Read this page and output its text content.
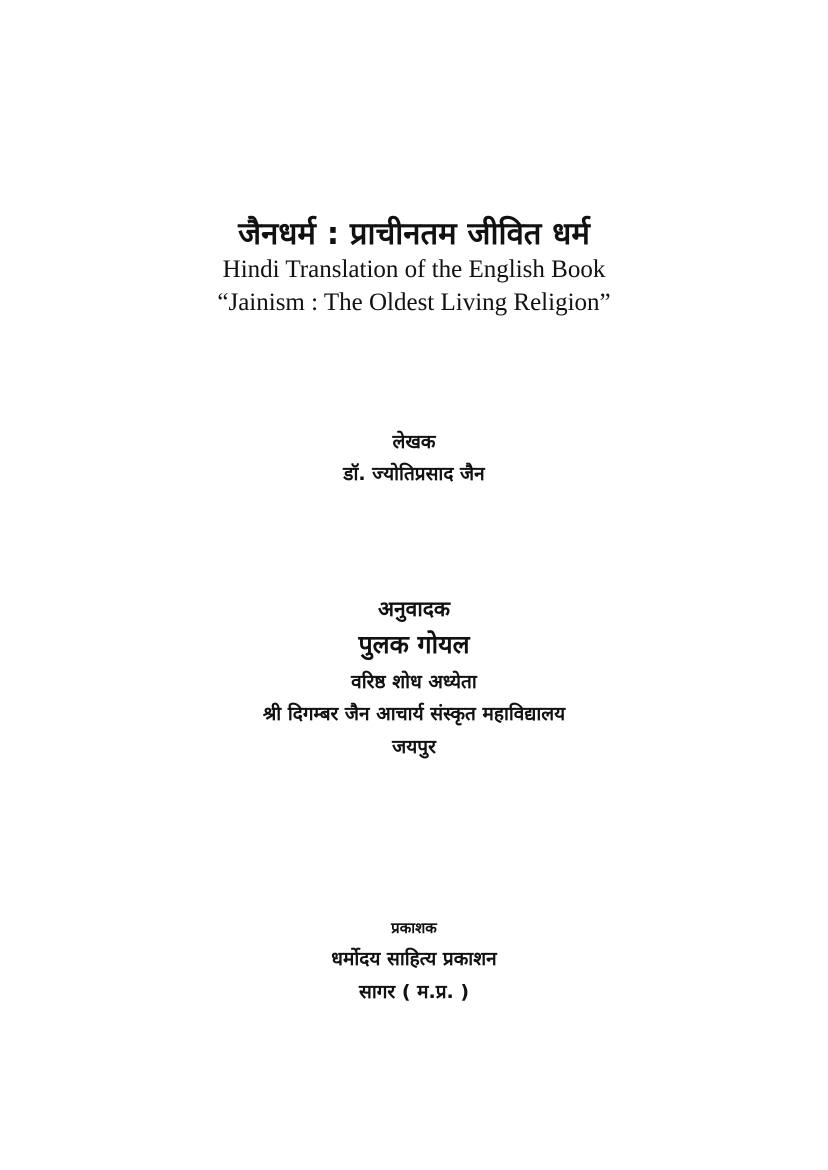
जैनधर्म : प्राचीनतम जीवित धर्म
Hindi Translation of the English Book
“Jainism : The Oldest Living Religion”
लेखक
डॉ. ज्योतिप्रसाद जैन
अनुवादक
पुलक गोयल
वरिष्ठ शोध अध्येता
श्री दिगम्बर जैन आचार्य संस्कृत महाविद्यालय
जयपुर
प्रकाशक
धर्मोदय साहित्य प्रकाशन
सागर ( म.प्र. )
